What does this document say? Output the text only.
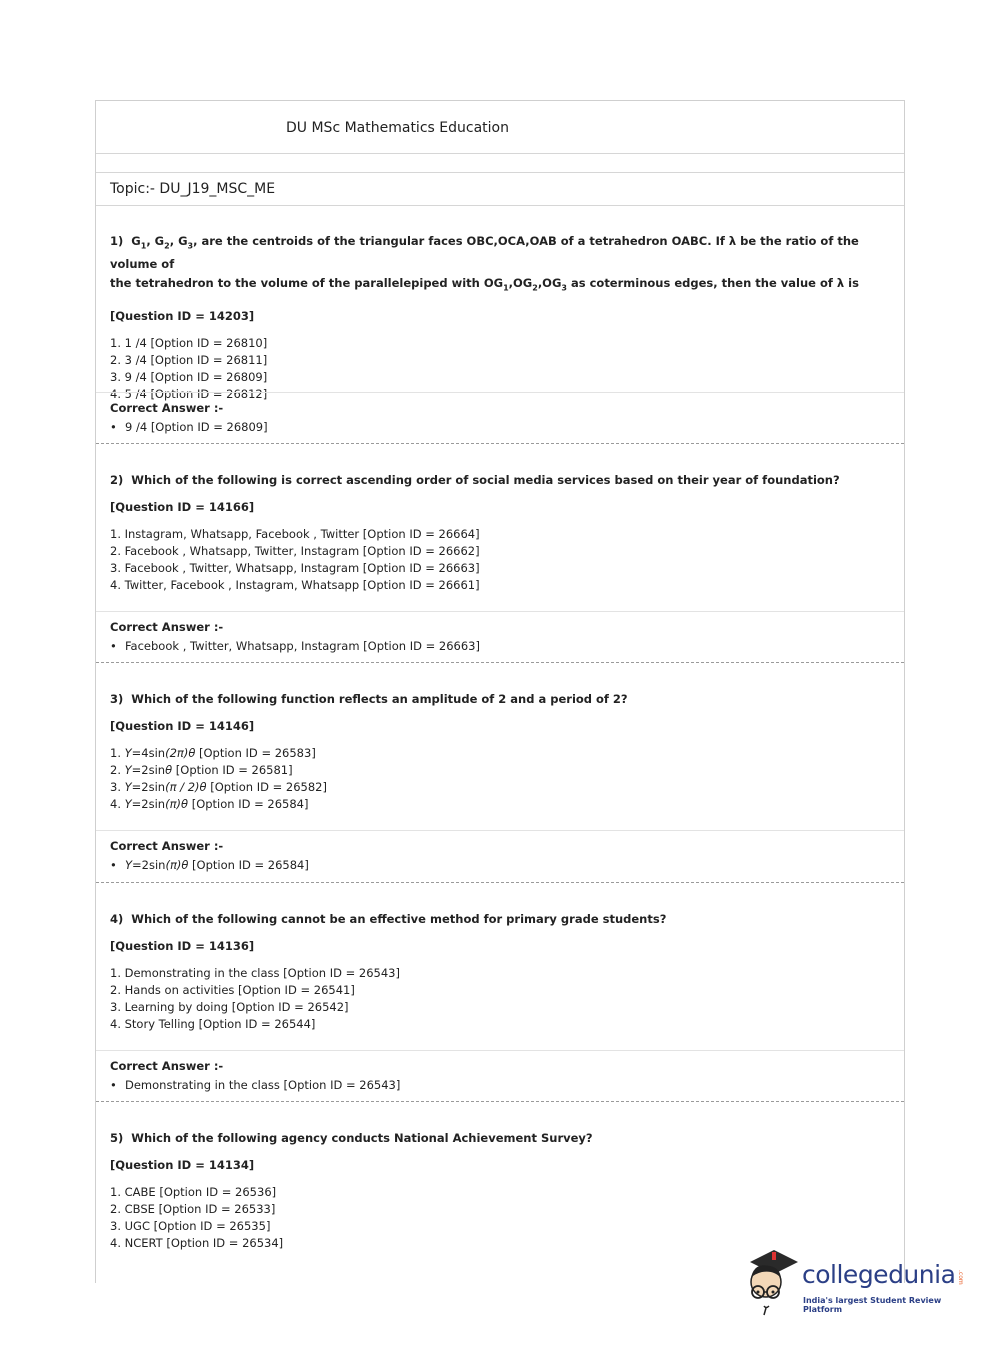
DU MSc Mathematics Education
Topic:- DU_J19_MSC_ME
1) $G_1$, $G_2$, $G_3$, are the centroids of the triangular faces OBC,OCA,OAB of a tetrahedron OABC. If λ be the ratio of the volume of
the tetrahedron to the volume of the parallelepiped with $OG_1,OG_2,OG_3$ as coterminous edges, then the value of λ is
[Question ID = 14203]
1. 1 /4 [Option ID = 26810]
2. 3 /4 [Option ID = 26811]
3. 9 /4 [Option ID = 26809]
4. 5 /4 [Option ID = 26812]
Correct Answer :-
• 9 /4 [Option ID = 26809]
2) Which of the following is correct ascending order of social media services based on their year of foundation?
[Question ID = 14166]
1. Instagram, Whatsapp, Facebook , Twitter [Option ID = 26664]
2. Facebook , Whatsapp, Twitter, Instagram [Option ID = 26662]
3. Facebook , Twitter, Whatsapp, Instagram [Option ID = 26663]
4. Twitter, Facebook , Instagram, Whatsapp [Option ID = 26661]
Correct Answer :-
• Facebook , Twitter, Whatsapp, Instagram [Option ID = 26663]
3) Which of the following function reflects an amplitude of 2 and a period of 2?
[Question ID = 14146]
1. Y=4sin(2π)θ [Option ID = 26583]
2. Y=2sinθ [Option ID = 26581]
3. Y=2sin(π / 2)θ [Option ID = 26582]
4. Y=2sin(π)θ [Option ID = 26584]
Correct Answer :-
• Y=2sin(π)θ [Option ID = 26584]
4) Which of the following cannot be an effective method for primary grade students?
[Question ID = 14136]
1. Demonstrating in the class [Option ID = 26543]
2. Hands on activities [Option ID = 26541]
3. Learning by doing [Option ID = 26542]
4. Story Telling [Option ID = 26544]
Correct Answer :-
• Demonstrating in the class [Option ID = 26543]
5) Which of the following agency conducts National Achievement Survey?
[Question ID = 14134]
1. CABE [Option ID = 26536]
2. CBSE [Option ID = 26533]
3. UGC [Option ID = 26535]
4. NCERT [Option ID = 26534]
collegedunia .com
India's largest Student Review Platform
